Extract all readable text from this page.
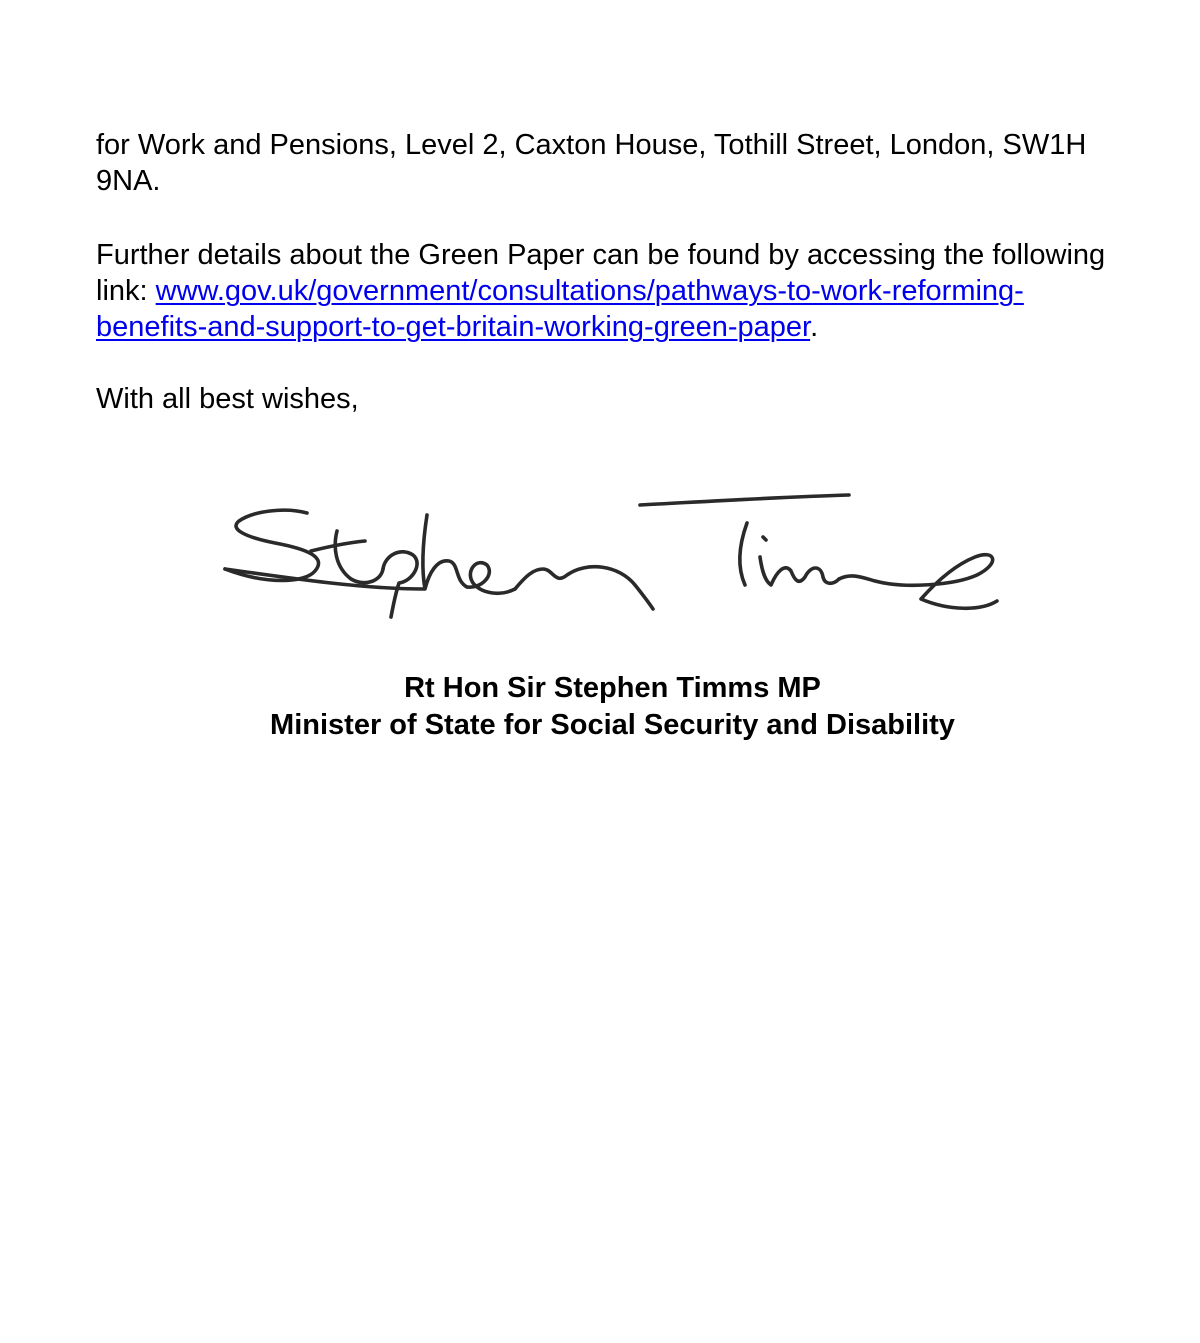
for Work and Pensions, Level 2, Caxton House, Tothill Street, London, SW1H 9NA.

Further details about the Green Paper can be found by accessing the following link: www.gov.uk/government/consultations/pathways-to-work-reforming-benefits-and-support-to-get-britain-working-green-paper.

With all best wishes,

Rt Hon Sir Stephen Timms MP
Minister of State for Social Security and Disability
